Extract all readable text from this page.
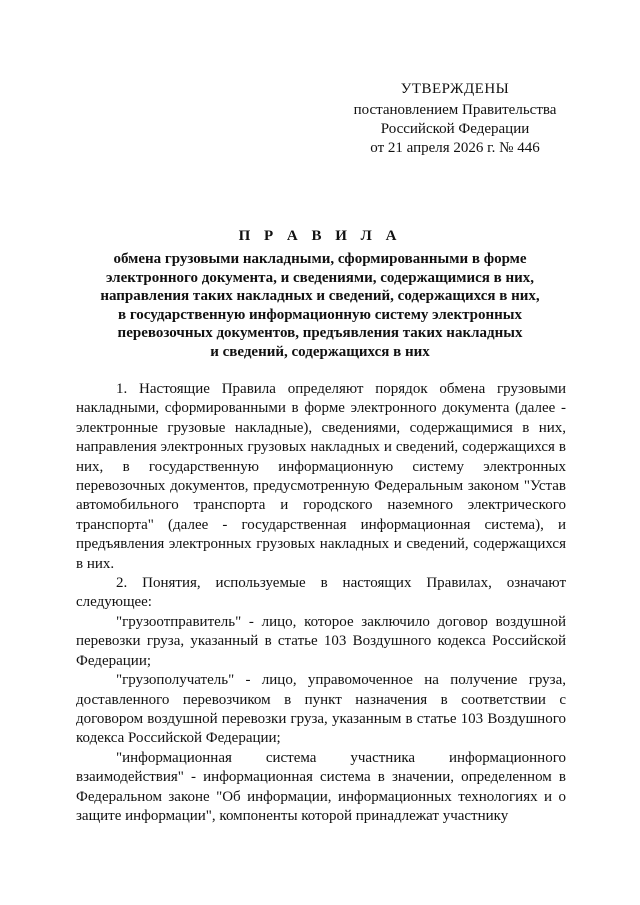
УТВЕРЖДЕНЫ
постановлением Правительства
Российской Федерации
от 21 апреля 2026 г. № 446
П Р А В И Л А
обмена грузовыми накладными, сформированными в форме
электронного документа, и сведениями, содержащимися в них,
направления таких накладных и сведений, содержащихся в них,
в государственную информационную систему электронных
перевозочных документов, предъявления таких накладных
и сведений, содержащихся в них

1. Настоящие Правила определяют порядок обмена грузовыми накладными, сформированными в форме электронного документа (далее - электронные грузовые накладные), сведениями, содержащимися в них, направления электронных грузовых накладных и сведений, содержащихся в них, в государственную информационную систему электронных перевозочных документов, предусмотренную Федеральным законом "Устав автомобильного транспорта и городского наземного электрического транспорта" (далее - государственная информационная система), и предъявления электронных грузовых накладных и сведений, содержащихся в них.

2. Понятия, используемые в настоящих Правилах, означают следующее:

"грузоотправитель" - лицо, которое заключило договор воздушной перевозки груза, указанный в статье 103 Воздушного кодекса Российской Федерации;

"грузополучатель" - лицо, управомоченное на получение груза, доставленного перевозчиком в пункт назначения в соответствии с договором воздушной перевозки груза, указанным в статье 103 Воздушного кодекса Российской Федерации;

"информационная система участника информационного взаимодействия" - информационная система в значении, определенном в Федеральном законе "Об информации, информационных технологиях и о защите информации", компоненты которой принадлежат участнику
